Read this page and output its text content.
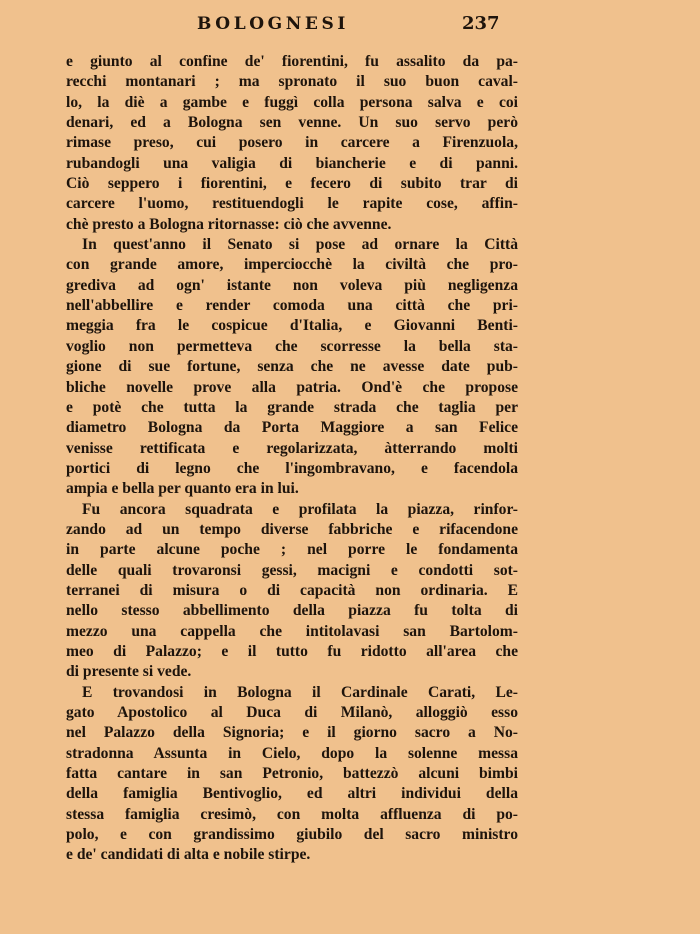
BOLOGNESI	237
e giunto al confine de' fiorentini, fu assalito da pa-
recchi montanari ; ma spronato il suo buon caval-
lo, la diè a gambe e fuggì colla persona salva e coi
denari, ed a Bologna sen venne. Un suo servo però
rimase preso, cui posero in carcere a Firenzuola,
rubandogli una valigia di biancherie e di panni.
Ciò seppero i fiorentini, e fecero di subito trar di
carcere l'uomo, restituendogli le rapite cose, affin-
chè presto a Bologna ritornasse: ciò che avvenne.
In quest'anno il Senato si pose ad ornare la Città
con grande amore, imperciocchè la civiltà che pro-
grediva ad ogn' istante non voleva più negligenza
nell'abbellire e render comoda una città che pri-
meggia fra le cospicue d'Italia, e Giovanni Benti-
voglio non permetteva che scorresse la bella sta-
gione di sue fortune, senza che ne avesse date pub-
bliche novelle prove alla patria. Ond'è che propose
e potè che tutta la grande strada che taglia per
diametro Bologna da Porta Maggiore a san Felice
venisse rettificata e regolarizzata, àtterrando molti
portici di legno che l'ingombravano, e facendola
ampia e bella per quanto era in lui.
Fu ancora squadrata e profilata la piazza, rinfor-
zando ad un tempo diverse fabbriche e rifacendone
in parte alcune poche ; nel porre le fondamenta
delle quali trovaronsi gessi, macigni e condotti sot-
terranei di misura o di capacità non ordinaria. E
nello stesso abbellimento della piazza fu tolta di
mezzo una cappella che intitolavasi san Bartolom-
meo di Palazzo; e il tutto fu ridotto all'area che
di presente si vede.
E trovandosi in Bologna il Cardinale Carati, Le-
gato Apostolico al Duca di Milanò, alloggiò esso
nel Palazzo della Signoria; e il giorno sacro a No-
stradonna Assunta in Cielo, dopo la solenne messa
fatta cantare in san Petronio, battezzò alcuni bimbi
della famiglia Bentivoglio, ed altri individui della
stessa famiglia cresimò, con molta affluenza di po-
polo, e con grandissimo giubilo del sacro ministro
e de' candidati di alta e nobile stirpe.
